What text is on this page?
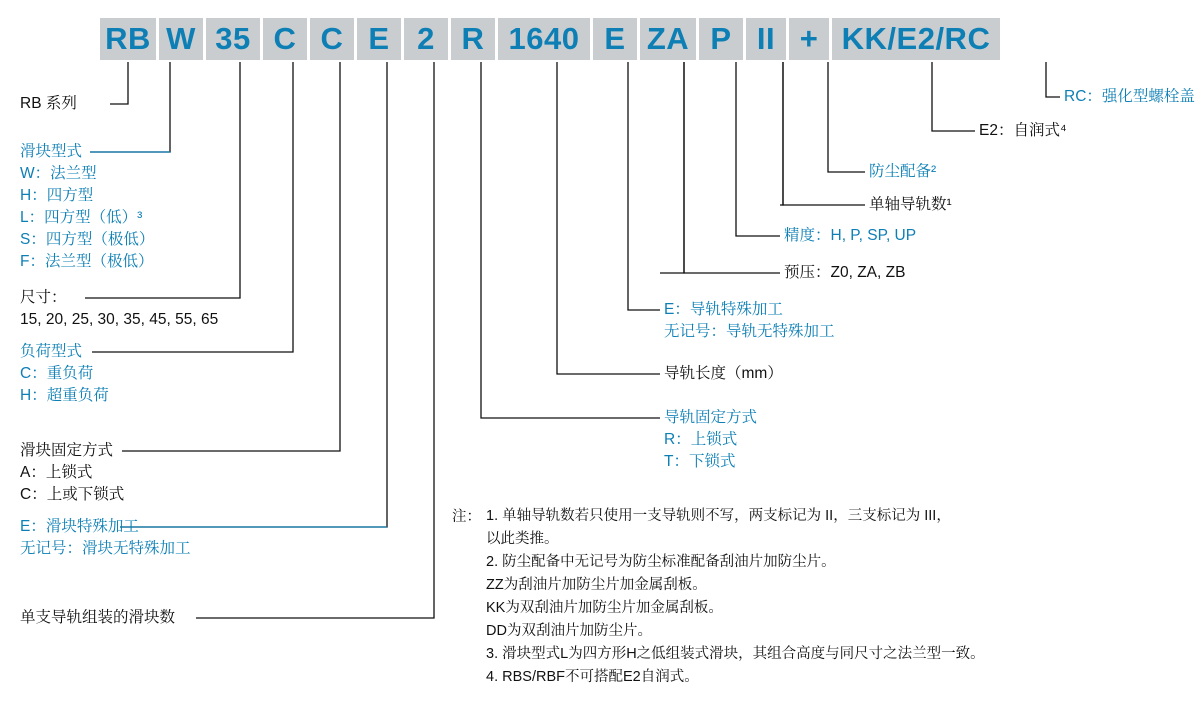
RB W 35 C C E 2 R 1640 E ZA P II + KK/E2/RC
RB 系列
滑块型式
W：法兰型
H：四方型
L：四方型（低）³
S：四方型（极低）
F：法兰型（极低）
尺寸：
15, 20, 25, 30, 35, 45, 55, 65
负荷型式
C：重负荷
H：超重负荷
滑块固定方式
A：上锁式
C：上或下锁式
E：滑块特殊加工
无记号：滑块无特殊加工
单支导轨组装的滑块数
RC：强化型螺栓盖
E2：自润式⁴
防尘配备²
单轴导轨数¹
精度：H, P, SP, UP
预压：Z0, ZA, ZB
E：导轨特殊加工
无记号：导轨无特殊加工
导轨长度（mm）
导轨固定方式
R：上锁式
T：下锁式
注： 1. 单轴导轨数若只使用一支导轨则不写，两支标记为 II，三支标记为 III，
以此类推。
2. 防尘配备中无记号为防尘标准配备刮油片加防尘片。
ZZ为刮油片加防尘片加金属刮板。
KK为双刮油片加防尘片加金属刮板。
DD为双刮油片加防尘片。
3. 滑块型式L为四方形H之低组装式滑块，其组合高度与同尺寸之法兰型一致。
4. RBS/RBF不可搭配E2自润式。
